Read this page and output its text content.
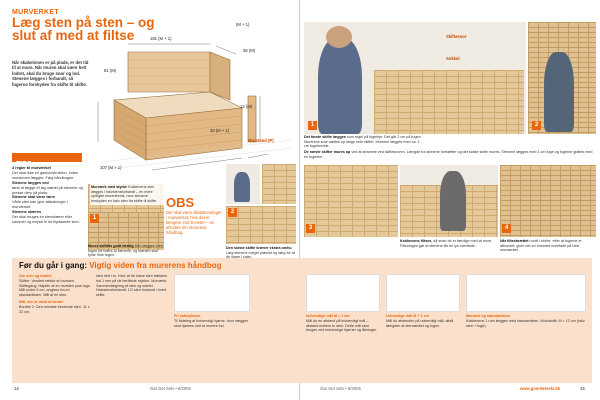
MURVERKET
Læg sten på sten – og slut af med at filtse
Når skabelonen er på plads, er det tid til at mure. Når muren skal være helt lodret, skal du bruge snor og lod. Stenene lægges i forbandt, så fugerne forskydes fra skifte til skifte.
181 (M + 1)
36 (M)
(M + 1)
61 (M)
12 (M)
20 (M + 1)
107 (M + 1)
Murstand (P)
TIPS
3 regler til murværket
Der skal ikke en gaskonstruktion, inden murstenen lægges. Følg håndbogen.
Stenene lægges ved
først at lægge et lag mørtel på stenene og presse dem på plads.
Stenene skal være tørre
Våde sten kan give afskalninger i murværket.
Stenene skæres
Der skal bruges en stenskærer eller hammer og mejsel til de tilpassede sten.
Murværk med styrke Kokkenens sten lægges i halvstensforbandt – en mere opdigtet murerteknik, hvor stenene forskydes en halv sten fra skifte til skifte. OBS
Der skal være dilatationsfuger i murværket, hvis det er længere end 8 meter – se afsnittet om murerens håndbog.
1
2
Murer skiftets godt færdig Den lægges med fugen på tværs af stenene, og mørtlen skal fylde hele fugen.
Den sidste skifte kræver ekstra omhu Læg stenene meget præcist og sørg for at
1
Skiftesnor
Sokkel
2
Det første skifte lægges som regel på fugeleje. Det går 2 cm på fugen. Murerens snor sættes op langs hele skiftet. Murerne lægges med ca. 1 cm fugebredde.
De næste skifter mures op ved at stramme ved skiftesnoren. Længde fra stenene fortsætter og det sidste skifte mures. Stenene lægges med 1 cm fuge og fugerne glattes med en fugeske.
3	4
Kokkenens filtses, så snart de er færdige med at mure. Filtsningen gør at stenene får en lys overflade.
Når filtsebrættet rundt i cirkler, efter at fugerne er afbundet, giver det en ensartet overflade på hele murværket.
Før du går i gang: Vigtig viden fra murerens håndbog
Om sten og mørtel
Skifter: Vandret række af mursten. Skiftegang: Højden af en mursten plus fuge. Mål under 6 cm, angives fra en standardisten. Mål af en sten.
Mål, der er vand at bende
Bordbe 2: Den mindste bindende sten. 11 x 23 cm.
sten delt i to. Hver af de halve sten trækkes ind 1 mm på de beriffede stykker. Murværk: Sammenlægning af sten og mørtel. Halvstensforbandt: 1/2 sten forskudt i hvert skifte.
Fri indbøjlende
Til tildeling af indvendigt hjørne, hvor væggen skal hjørnes ved at murere ind.
Indvendige mål M = 1 cm
Mål du en afstand på indvendigt mål – afstand mellem to sten. Dette mål skal bruges ved indvendige hjørner og åbninger.
Udvendige mål M + 1 cm
Mål du afstanden på udvendigt mål, altså længden af stenværket og fugen.
Mursted og standardsten
Kokkenens 1 rum lægges med standardsten. Modulmål: M = 12 cm (halv sten + fuge).
14	Gør Det Selv • 8/2006	Gør Det Selv • 8/2006	www.goerdetselv.dk	15
